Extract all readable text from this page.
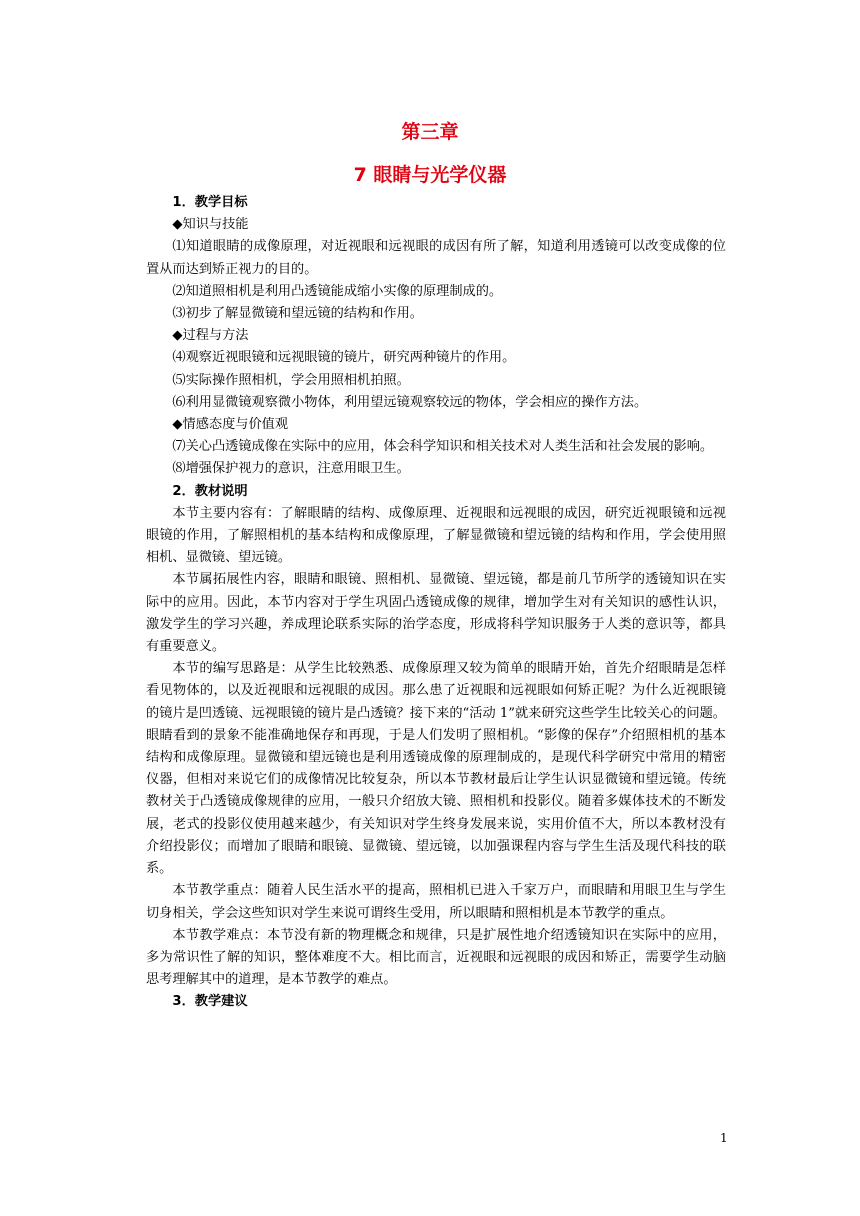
第三章
7 眼睛与光学仪器

1．教学目标

◆知识与技能

⑴知道眼睛的成像原理，对近视眼和远视眼的成因有所了解，知道利用透镜可以改变成像的位置从而达到矫正视力的目的。

⑵知道照相机是利用凸透镜能成缩小实像的原理制成的。

⑶初步了解显微镜和望远镜的结构和作用。

◆过程与方法

⑷观察近视眼镜和远视眼镜的镜片，研究两种镜片的作用。

⑸实际操作照相机，学会用照相机拍照。

⑹利用显微镜观察微小物体，利用望远镜观察较远的物体，学会相应的操作方法。

◆情感态度与价值观

⑺关心凸透镜成像在实际中的应用，体会科学知识和相关技术对人类生活和社会发展的影响。

⑻增强保护视力的意识，注意用眼卫生。

2．教材说明

本节主要内容有：了解眼睛的结构、成像原理、近视眼和远视眼的成因，研究近视眼镜和远视眼镜的作用，了解照相机的基本结构和成像原理，了解显微镜和望远镜的结构和作用，学会使用照相机、显微镜、望远镜。

本节属拓展性内容，眼睛和眼镜、照相机、显微镜、望远镜，都是前几节所学的透镜知识在实际中的应用。因此，本节内容对于学生巩固凸透镜成像的规律，增加学生对有关知识的感性认识，激发学生的学习兴趣，养成理论联系实际的治学态度，形成将科学知识服务于人类的意识等，都具有重要意义。

本节的编写思路是：从学生比较熟悉、成像原理又较为简单的眼睛开始，首先介绍眼睛是怎样看见物体的，以及近视眼和远视眼的成因。那么患了近视眼和远视眼如何矫正呢？为什么近视眼镜的镜片是凹透镜、远视眼镜的镜片是凸透镜？接下来的“活动 1”就来研究这些学生比较关心的问题。眼睛看到的景象不能准确地保存和再现，于是人们发明了照相机。“影像的保存”介绍照相机的基本结构和成像原理。显微镜和望远镜也是利用透镜成像的原理制成的，是现代科学研究中常用的精密仪器，但相对来说它们的成像情况比较复杂，所以本节教材最后让学生认识显微镜和望远镜。传统教材关于凸透镜成像规律的应用，一般只介绍放大镜、照相机和投影仪。随着多媒体技术的不断发展，老式的投影仪使用越来越少，有关知识对学生终身发展来说，实用价值不大，所以本教材没有介绍投影仪；而增加了眼睛和眼镜、显微镜、望远镜，以加强课程内容与学生生活及现代科技的联系。

本节教学重点：随着人民生活水平的提高，照相机已进入千家万户，而眼睛和用眼卫生与学生切身相关，学会这些知识对学生来说可谓终生受用，所以眼睛和照相机是本节教学的重点。

本节教学难点：本节没有新的物理概念和规律，只是扩展性地介绍透镜知识在实际中的应用，多为常识性了解的知识，整体难度不大。相比而言，近视眼和远视眼的成因和矫正，需要学生动脑思考理解其中的道理，是本节教学的难点。

3．教学建议

1
